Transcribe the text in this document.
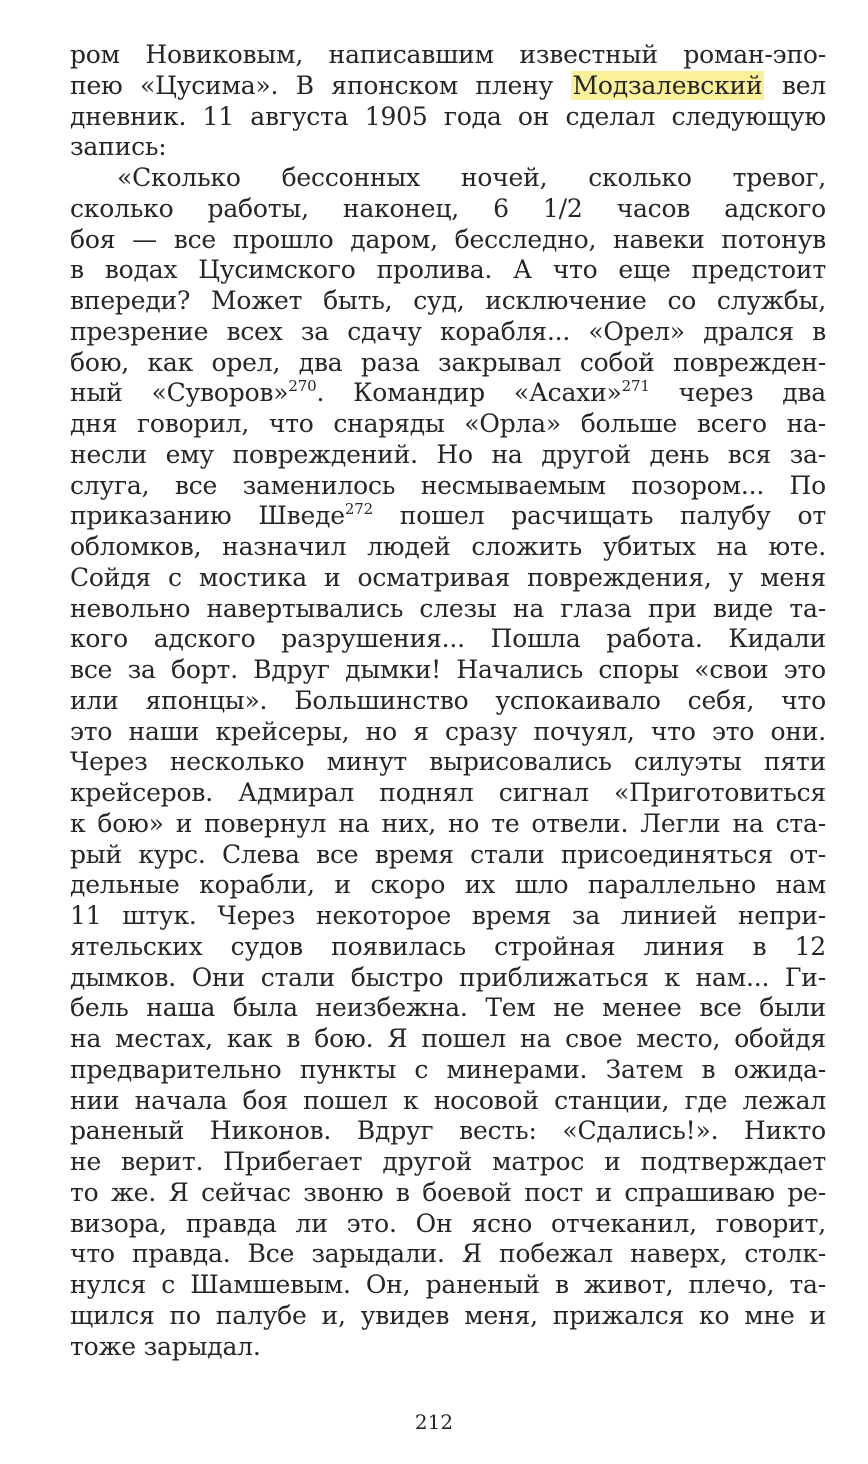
ром Новиковым, написавшим известный роман-эпо-
пею «Цусима». В японском плену Модзалевский вел
дневник. 11 августа 1905 года он сделал следующую
запись:
«Сколько бессонных ночей, сколько тревог,
сколько работы, наконец, 6 1/2 часов адского
боя — все прошло даром, бесследно, навеки потонув
в водах Цусимского пролива. А что еще предстоит
впереди? Может быть, суд, исключение со службы,
презрение всех за сдачу корабля... «Орел» дрался в
бою, как орел, два раза закрывал собой поврежден-
ный «Суворов»$^{270}$. Командир «Асахи»$^{271}$ через два
дня говорил, что снаряды «Орла» больше всего на-
несли ему повреждений. Но на другой день вся за-
слуга, все заменилось несмываемым позором... По
приказанию Шведе$^{272}$ пошел расчищать палубу от
обломков, назначил людей сложить убитых на юте.
Сойдя с мостика и осматривая повреждения, у меня
невольно навертывались слезы на глаза при виде та-
кого адского разрушения... Пошла работа. Кидали
все за борт. Вдруг дымки! Начались споры «свои это
или японцы». Большинство успокаивало себя, что
это наши крейсеры, но я сразу почуял, что это они.
Через несколько минут вырисовались силуэты пяти
крейсеров. Адмирал поднял сигнал «Приготовиться
к бою» и повернул на них, но те отвели. Легли на ста-
рый курс. Слева все время стали присоединяться от-
дельные корабли, и скоро их шло параллельно нам
11 штук. Через некоторое время за линией непри-
ятельских судов появилась стройная линия в 12
дымков. Они стали быстро приближаться к нам... Ги-
бель наша была неизбежна. Тем не менее все были
на местах, как в бою. Я пошел на свое место, обойдя
предварительно пункты с минерами. Затем в ожида-
нии начала боя пошел к носовой станции, где лежал
раненый Никонов. Вдруг весть: «Сдались!». Никто
не верит. Прибегает другой матрос и подтверждает
то же. Я сейчас звоню в боевой пост и спрашиваю ре-
визора, правда ли это. Он ясно отчеканил, говорит,
что правда. Все зарыдали. Я побежал наверх, столк-
нулся с Шамшевым. Он, раненый в живот, плечо, та-
щился по палубе и, увидев меня, прижался ко мне и
тоже зарыдал.
212
